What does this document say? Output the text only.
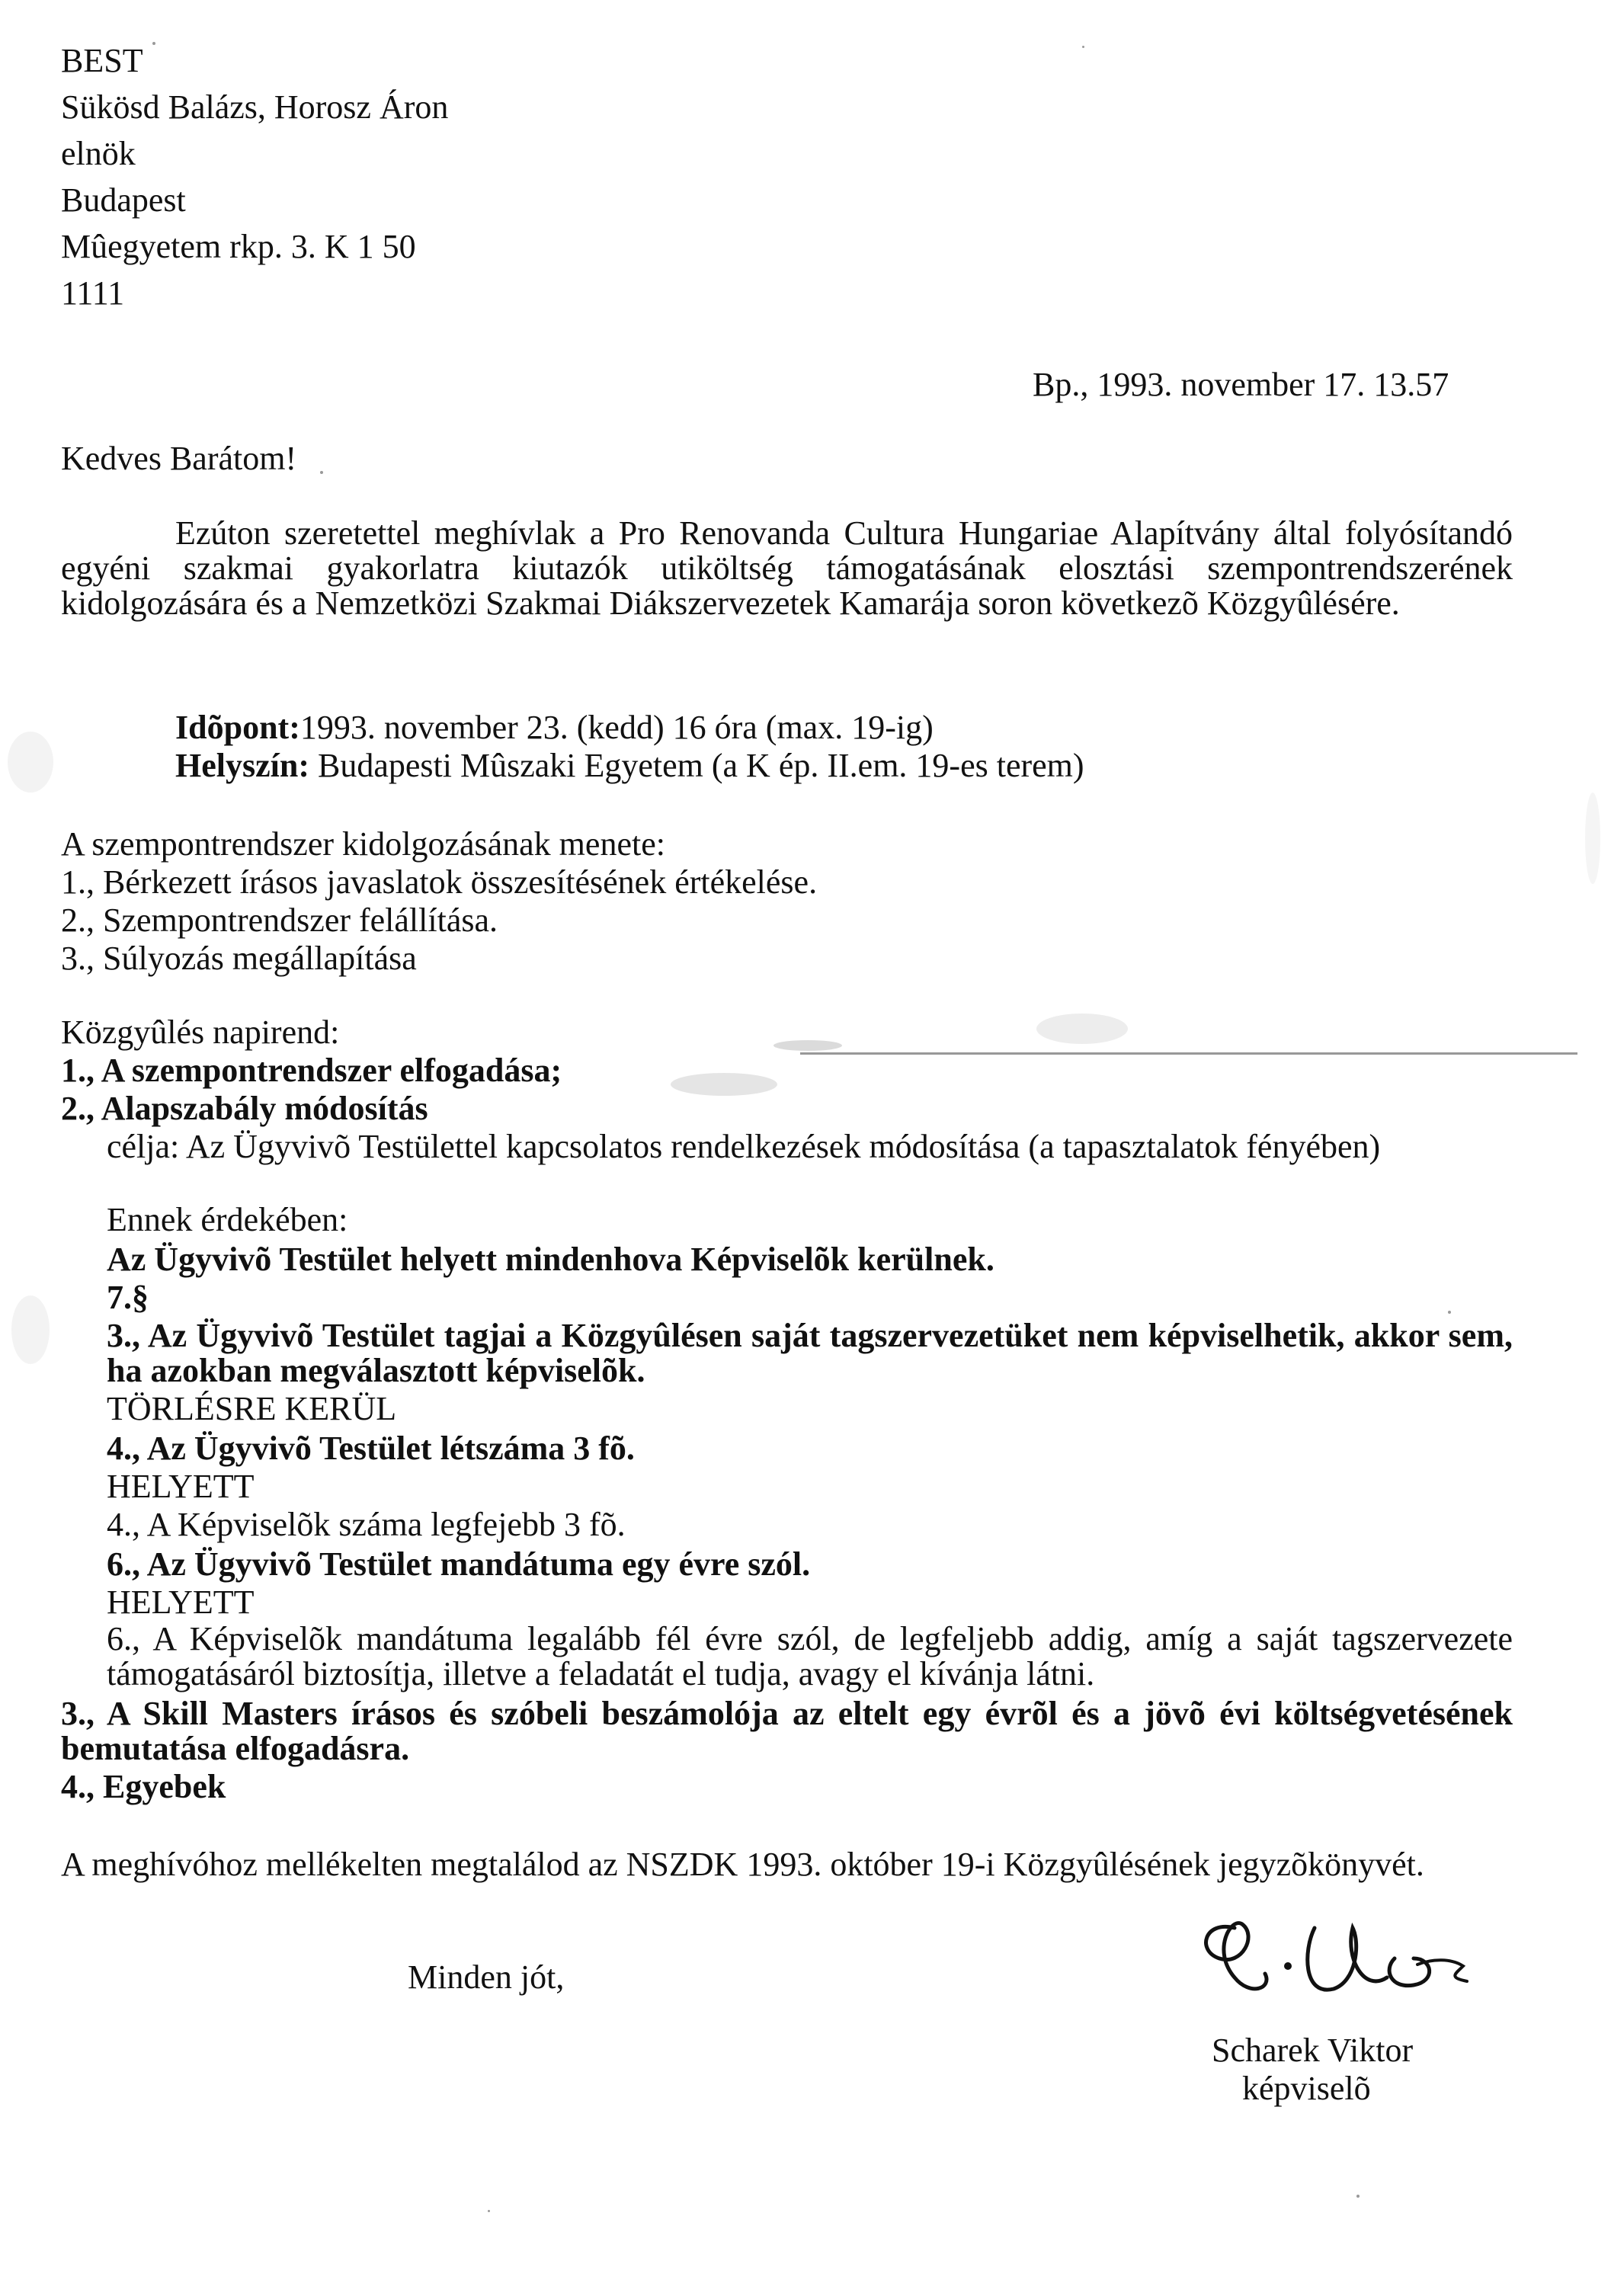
BEST
Sükösd Balázs, Horosz Áron
elnök
Budapest
Mûegyetem rkp. 3. K 1 50
1111
Bp., 1993. november 17. 13.57
Kedves Barátom!
Ezúton szeretettel meghívlak a Pro Renovanda Cultura Hungariae Alapítvány által folyósítandó egyéni szakmai gyakorlatra kiutazók utiköltség támogatásának elosztási szempontrendszerének kidolgozására és a Nemzetközi Szakmai Diákszervezetek Kamarája soron következõ Közgyûlésére.
Idõpont:1993. november 23. (kedd) 16 óra (max. 19-ig)
Helyszín: Budapesti Mûszaki Egyetem (a K ép. II.em. 19-es terem)
A szempontrendszer kidolgozásának menete:
1., Bérkezett írásos javaslatok összesítésének értékelése.
2., Szempontrendszer felállítása.
3., Súlyozás megállapítása
Közgyûlés napirend:
1., A szempontrendszer elfogadása;
2., Alapszabály módosítás
célja: Az Ügyvivõ Testülettel kapcsolatos rendelkezések módosítása (a tapasztalatok fényében)
Ennek érdekében:
Az Ügyvivõ Testület helyett mindenhova Képviselõk kerülnek.
7.§
3., Az Ügyvivõ Testület tagjai a Közgyûlésen saját tagszervezetüket nem képviselhetik, akkor sem, ha azokban megválasztott képviselõk.
TÖRLÉSRE KERÜL
4., Az Ügyvivõ Testület létszáma 3 fõ.
HELYETT
4., A Képviselõk száma legfejebb 3 fõ.
6., Az Ügyvivõ Testület mandátuma egy évre szól.
HELYETT
6., A Képviselõk mandátuma legalább fél évre szól, de legfeljebb addig, amíg a saját tagszervezete támogatásáról biztosítja, illetve a feladatát el tudja, avagy el kívánja látni.
3., A Skill Masters írásos és szóbeli beszámolója az eltelt egy évrõl és a jövõ évi költségvetésének bemutatása elfogadásra.
4., Egyebek
A meghívóhoz mellékelten megtalálod az NSZDK 1993. október 19-i Közgyûlésének jegyzõkönyvét.
Minden jót,
Scharek Viktor
képviselõ
